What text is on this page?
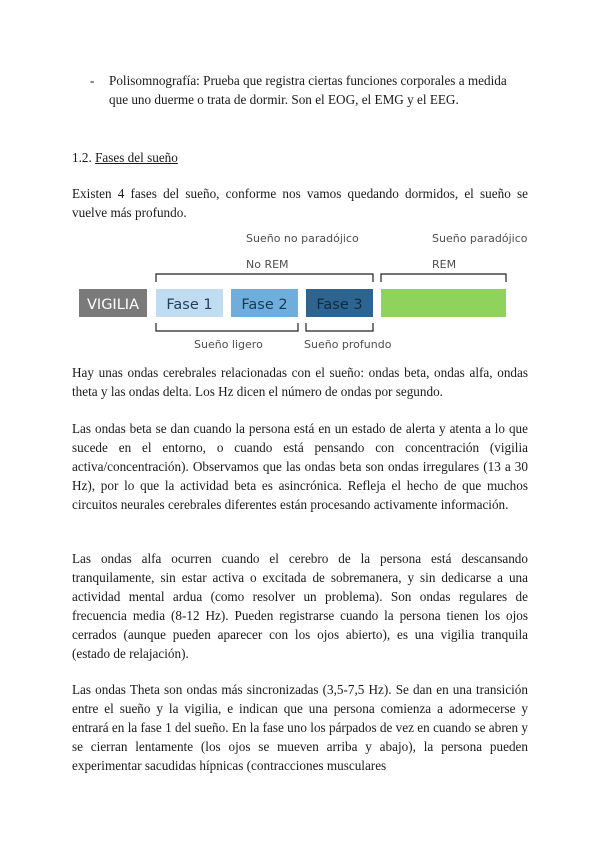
-	Polisomnografía: Prueba que registra ciertas funciones corporales a medida que uno duerme o trata de dormir. Son el EOG, el EMG y el EEG.
1.2. Fases del sueño
Existen 4 fases del sueño, conforme nos vamos quedando dormidos, el sueño se vuelve más profundo.
Sueño no paradójico	Sueño paradójico
No REM	REM
VIGILIA Fase 1 Fase 2 Fase 3
Sueño ligero	Sueño profundo
Hay unas ondas cerebrales relacionadas con el sueño: ondas beta, ondas alfa, ondas theta y las ondas delta. Los Hz dicen el número de ondas por segundo.
Las ondas beta se dan cuando la persona está en un estado de alerta y atenta a lo que sucede en el entorno, o cuando está pensando con concentración (vigilia activa/concentración). Observamos que las ondas beta son ondas irregulares (13 a 30 Hz), por lo que la actividad beta es asincrónica. Refleja el hecho de que muchos circuitos neurales cerebrales diferentes están procesando activamente información.
Las ondas alfa ocurren cuando el cerebro de la persona está descansando tranquilamente, sin estar activa o excitada de sobremanera, y sin dedicarse a una actividad mental ardua (como resolver un problema). Son ondas regulares de frecuencia media (8-12 Hz). Pueden registrarse cuando la persona tienen los ojos cerrados (aunque pueden aparecer con los ojos abierto), es una vigilia tranquila (estado de relajación).
Las ondas Theta son ondas más sincronizadas (3,5-7,5 Hz). Se dan en una transición entre el sueño y la vigilia, e indican que una persona comienza a adormecerse y entrará en la fase 1 del sueño. En la fase uno los párpados de vez en cuando se abren y se cierran lentamente (los ojos se mueven arriba y abajo), la persona pueden experimentar sacudidas hípnicas (contracciones musculares
